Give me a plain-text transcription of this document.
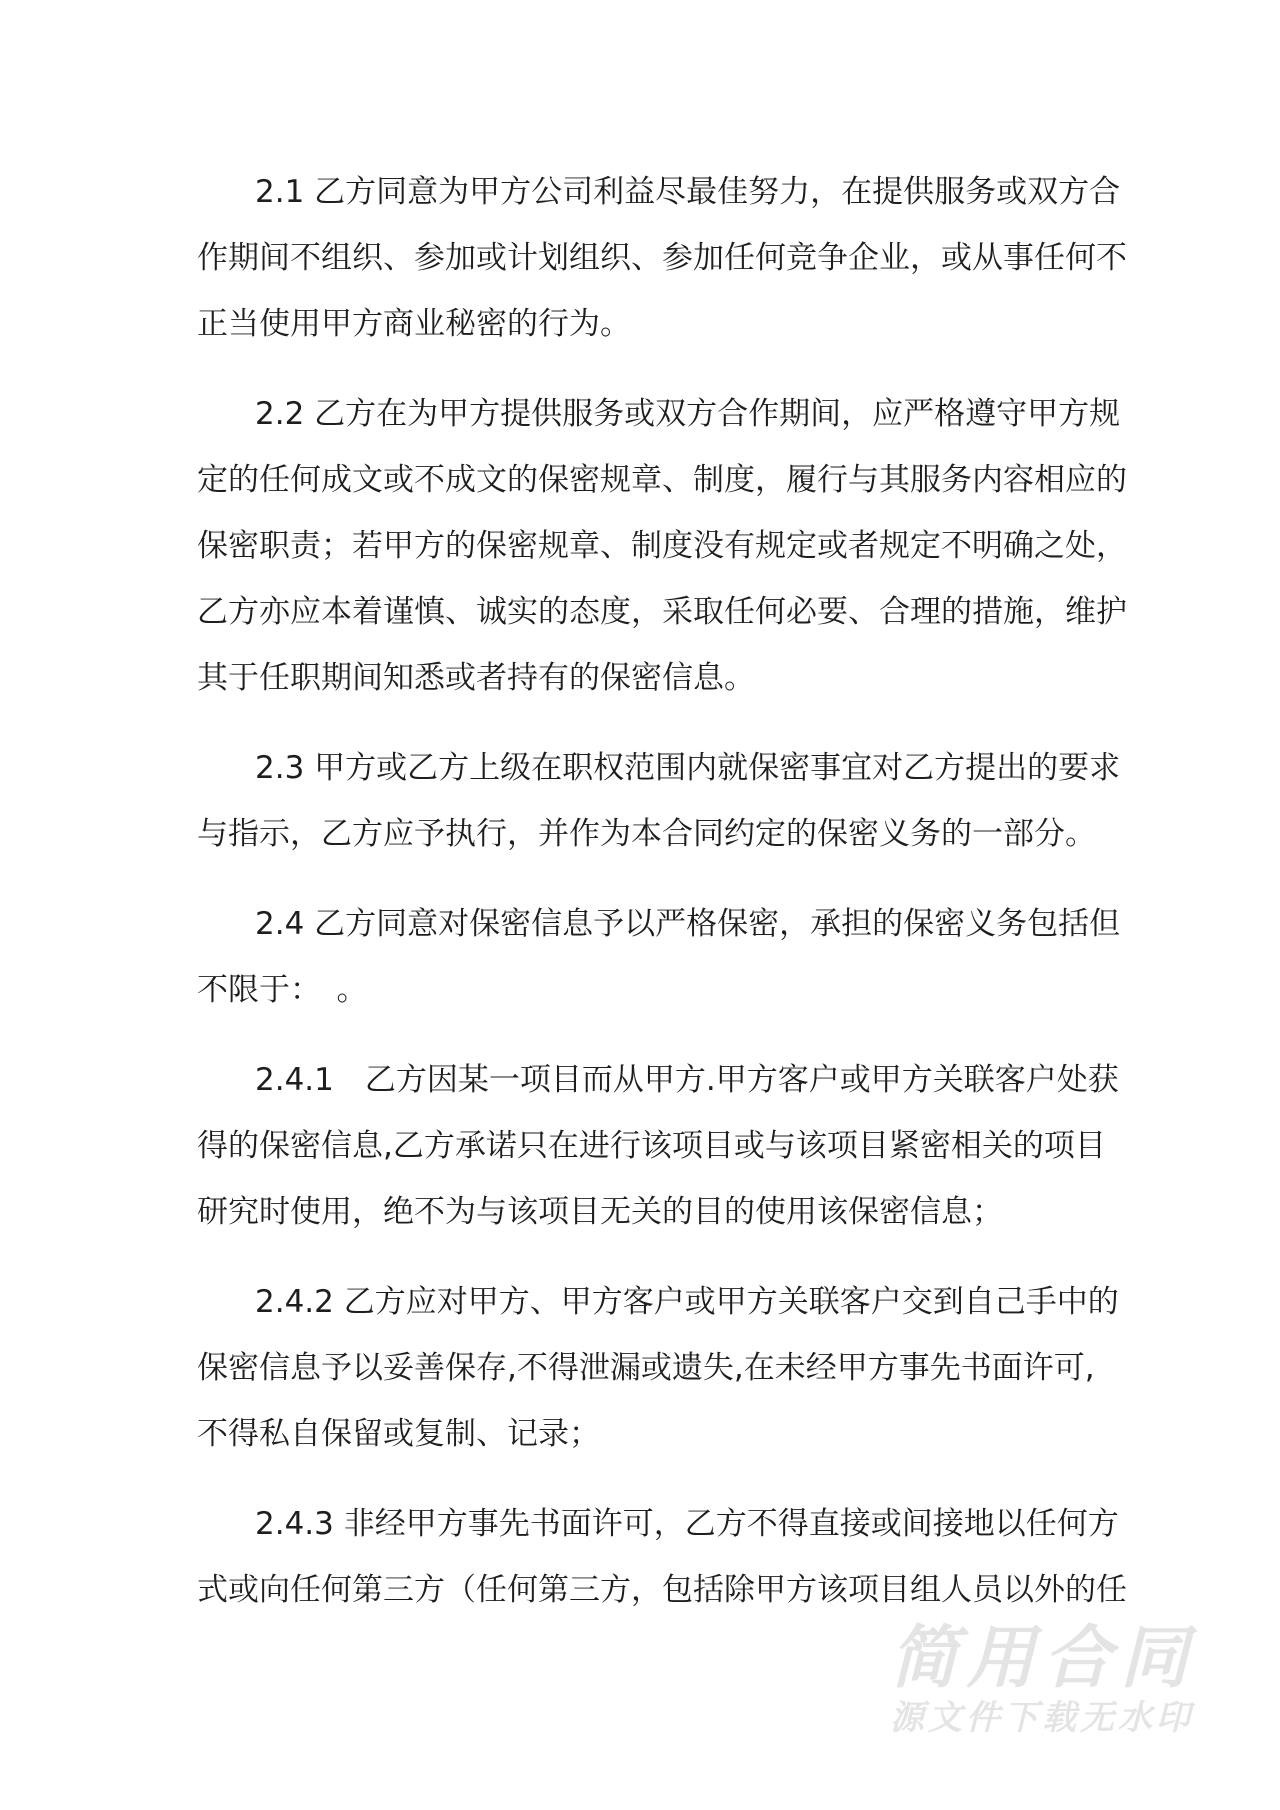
2.1 乙方同意为甲方公司利益尽最佳努力，在提供服务或双方合
作期间不组织、参加或计划组织、参加任何竞争企业，或从事任何不
正当使用甲方商业秘密的行为。
2.2 乙方在为甲方提供服务或双方合作期间，应严格遵守甲方规
定的任何成文或不成文的保密规章、制度，履行与其服务内容相应的
保密职责；若甲方的保密规章、制度没有规定或者规定不明确之处，
乙方亦应本着谨慎、诚实的态度，采取任何必要、合理的措施，维护
其于任职期间知悉或者持有的保密信息。
2.3 甲方或乙方上级在职权范围内就保密事宜对乙方提出的要求
与指示，乙方应予执行，并作为本合同约定的保密义务的一部分。
2.4 乙方同意对保密信息予以严格保密，承担的保密义务包括但
不限于：　。
2.4.1　乙方因某一项目而从甲方.甲方客户或甲方关联客户处获
得的保密信息,乙方承诺只在进行该项目或与该项目紧密相关的项目
研究时使用，绝不为与该项目无关的目的使用该保密信息；
2.4.2 乙方应对甲方、甲方客户或甲方关联客户交到自己手中的
保密信息予以妥善保存,不得泄漏或遗失,在未经甲方事先书面许可,
不得私自保留或复制、记录；
2.4.3 非经甲方事先书面许可，乙方不得直接或间接地以任何方
式或向任何第三方（任何第三方，包括除甲方该项目组人员以外的任
简用合同
源文件下载无水印
